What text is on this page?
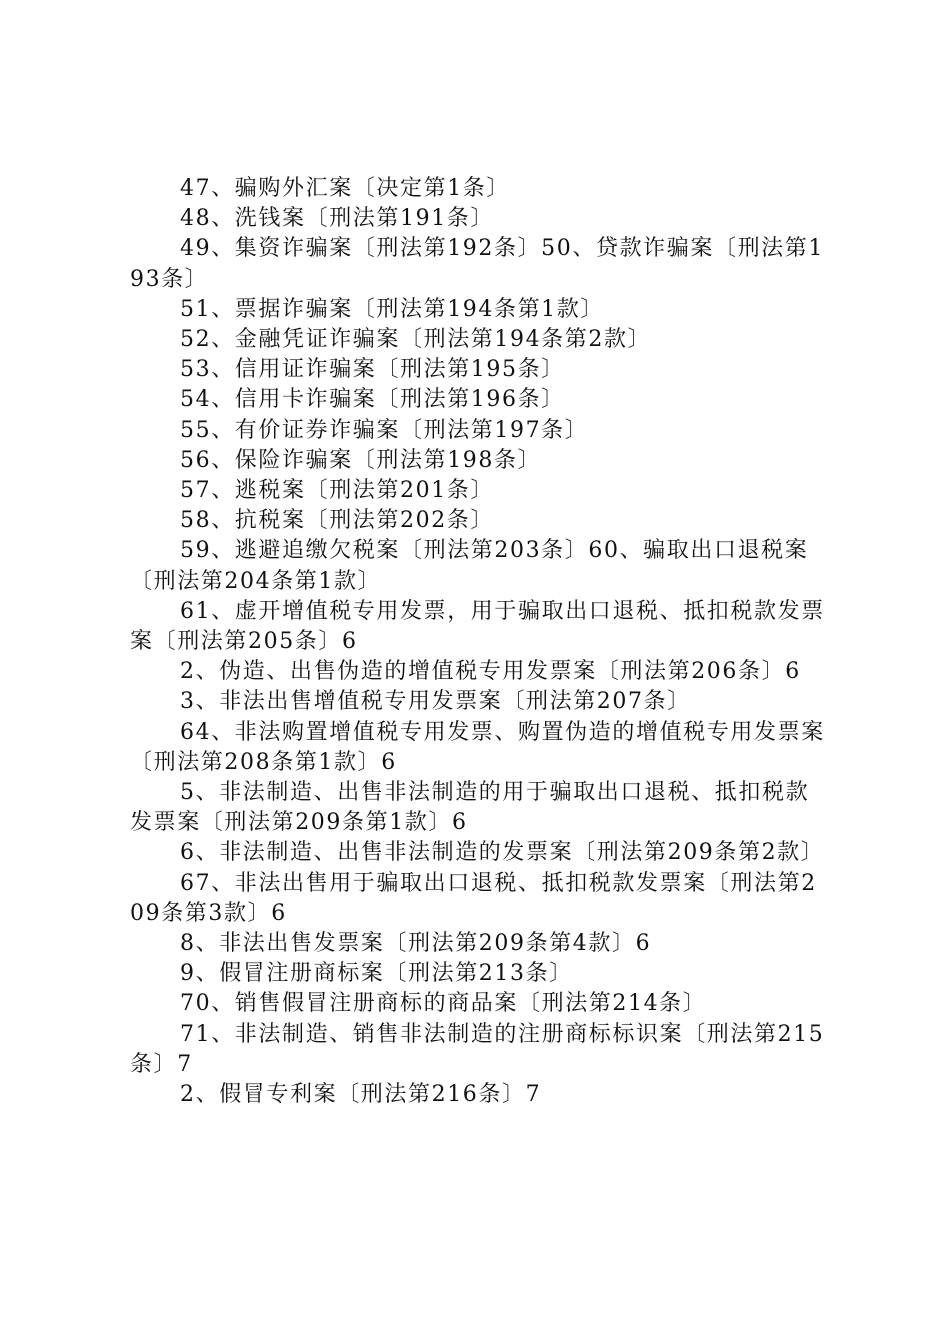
47、骗购外汇案〔决定第1条〕

48、洗钱案〔刑法第191条〕

49、集资诈骗案〔刑法第192条〕50、贷款诈骗案〔刑法第193条〕

51、票据诈骗案〔刑法第194条第1款〕

52、金融凭证诈骗案〔刑法第194条第2款〕

53、信用证诈骗案〔刑法第195条〕

54、信用卡诈骗案〔刑法第196条〕

55、有价证券诈骗案〔刑法第197条〕

56、保险诈骗案〔刑法第198条〕

57、逃税案〔刑法第201条〕

58、抗税案〔刑法第202条〕

59、逃避追缴欠税案〔刑法第203条〕60、骗取出口退税案〔刑法第204条第1款〕

61、虚开增值税专用发票，用于骗取出口退税、抵扣税款发票案〔刑法第205条〕6

2、伪造、出售伪造的增值税专用发票案〔刑法第206条〕6

3、非法出售增值税专用发票案〔刑法第207条〕

64、非法购置增值税专用发票、购置伪造的增值税专用发票案〔刑法第208条第1款〕6

5、非法制造、出售非法制造的用于骗取出口退税、抵扣税款发票案〔刑法第209条第1款〕6

6、非法制造、出售非法制造的发票案〔刑法第209条第2款〕

67、非法出售用于骗取出口退税、抵扣税款发票案〔刑法第209条第3款〕6

8、非法出售发票案〔刑法第209条第4款〕6

9、假冒注册商标案〔刑法第213条〕

70、销售假冒注册商标的商品案〔刑法第214条〕

71、非法制造、销售非法制造的注册商标标识案〔刑法第215条〕7

2、假冒专利案〔刑法第216条〕7
